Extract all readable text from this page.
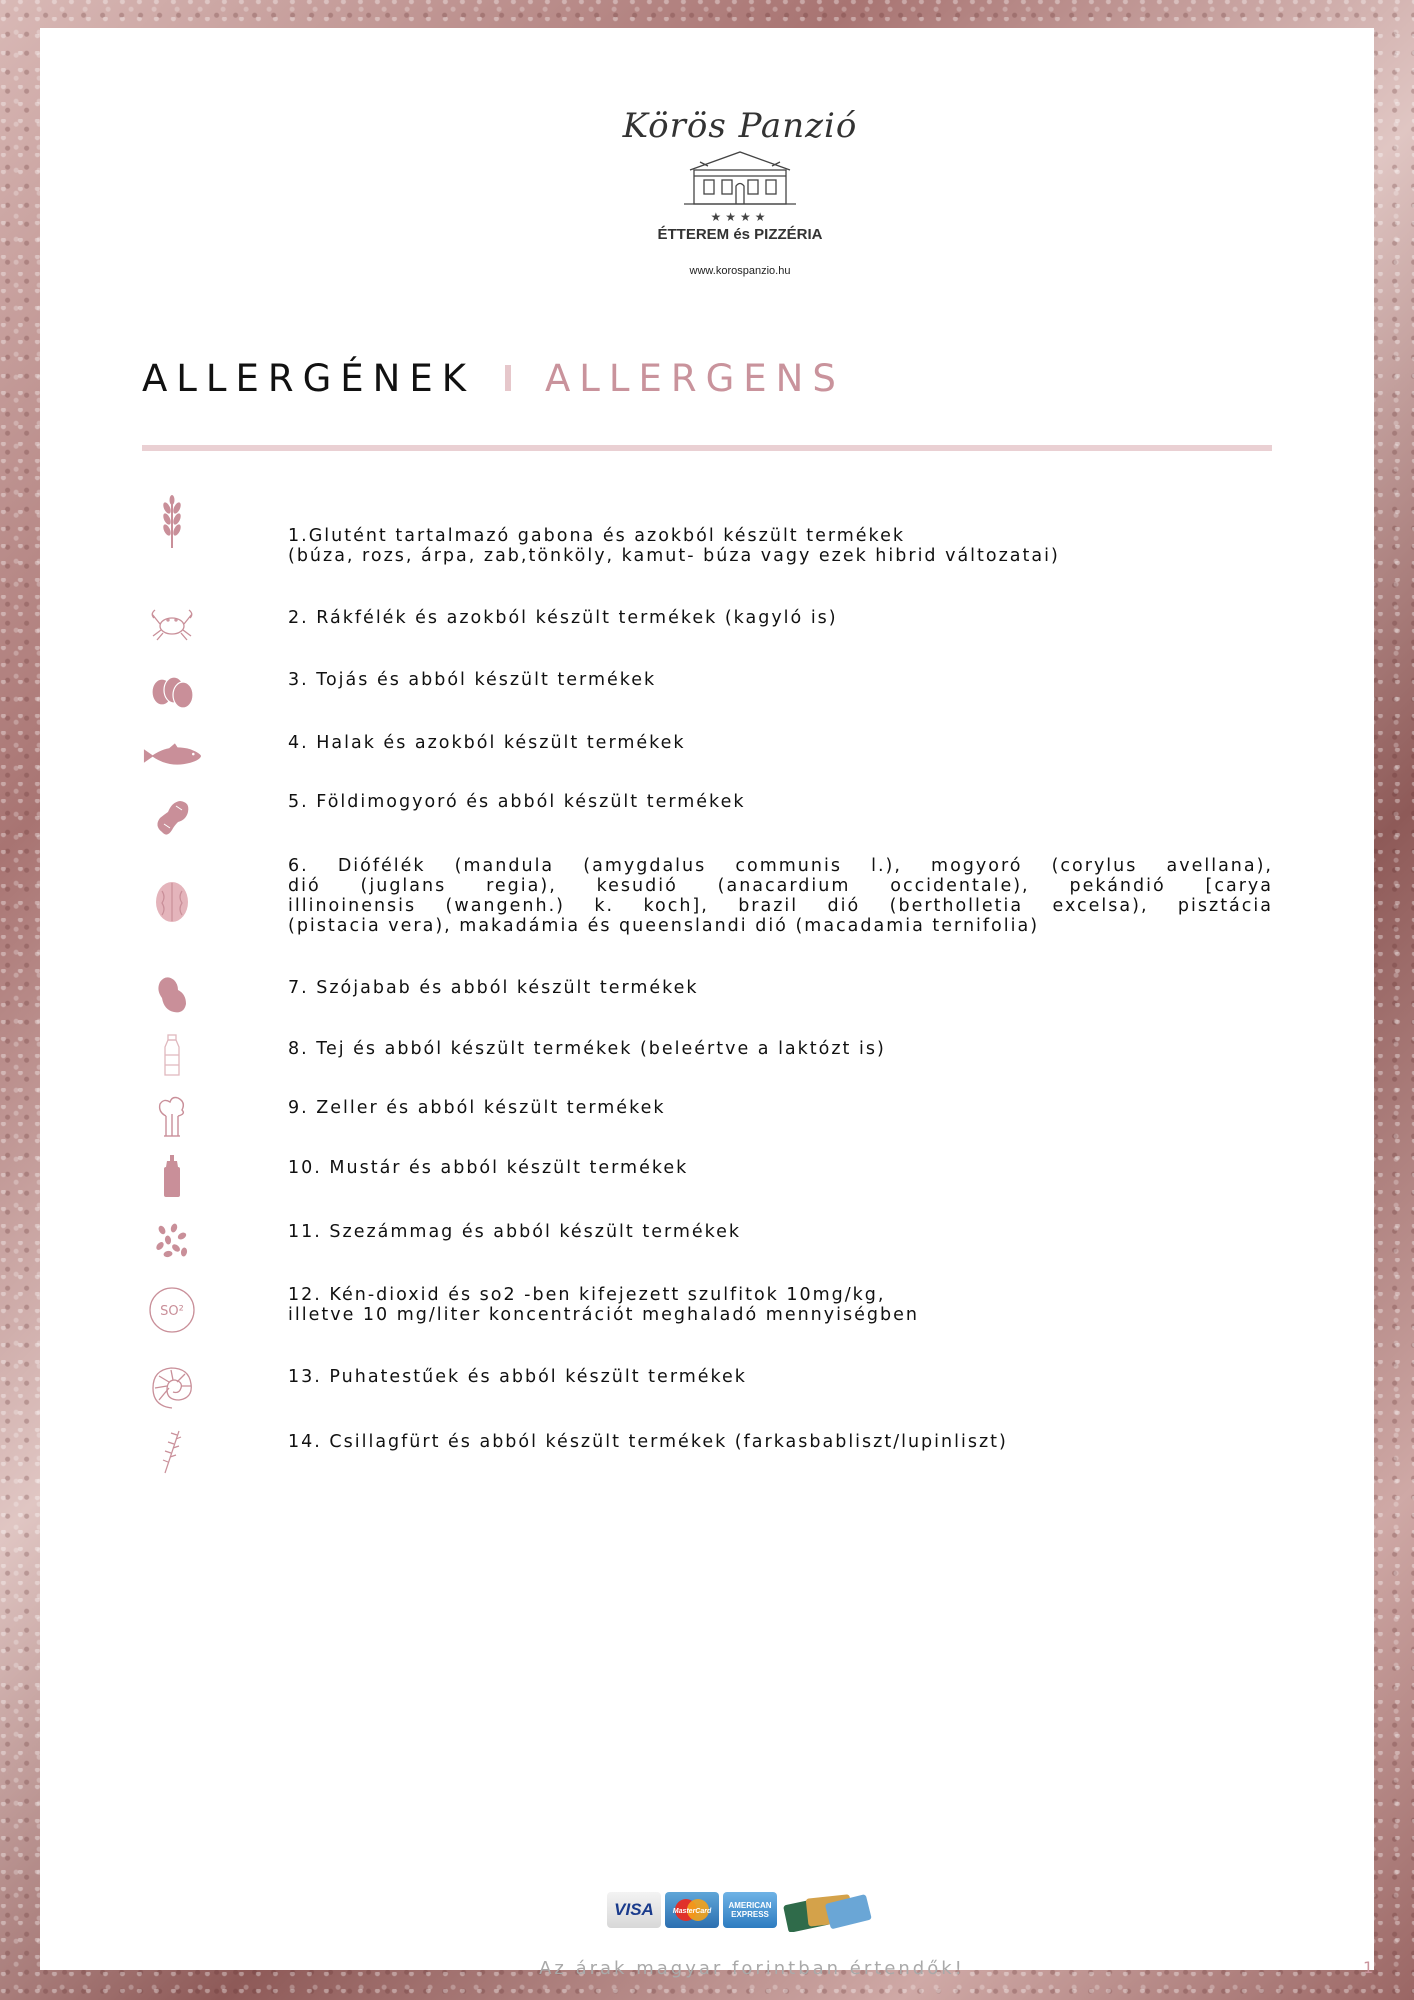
Körös Panzió
★★★★
ÉTTEREM és PIZZÉRIA
www.korospanzio.hu
ALLERGÉNEK ALLERGENS
1.Glutént tartalmazó gabona és azokból készült termékek
(búza, rozs, árpa, zab,tönköly, kamut- búza vagy ezek hibrid változatai)
2. Rákfélék és azokból készült termékek (kagyló is)
3. Tojás és abból készült termékek
4. Halak és azokból készült termékek
5. Földimogyoró és abból készült termékek
6. Diófélék (mandula (amygdalus communis l.), mogyoró (corylus avellana),
dió (juglans regia), kesudió (anacardium occidentale), pekándió [carya
illinoinensis (wangenh.) k. koch], brazil dió (bertholletia excelsa), pisztácia
(pistacia vera), makadámia és queenslandi dió (macadamia ternifolia)
7. Szójabab és abból készült termékek
8. Tej és abból készült termékek (beleértve a laktózt is)
9. Zeller és abból készült termékek
10. Mustár és abból készült termékek
11. Szezámmag és abból készült termékek
SO²
12. Kén-dioxid és so2 -ben kifejezett szulfitok 10mg/kg,
illetve 10 mg/liter koncentrációt meghaladó mennyiségben
13. Puhatestűek és abból készült termékek
14. Csillagfürt és abból készült termékek (farkasbabliszt/lupinliszt)
VISA	MasterCard
AMERICAN EXPRESS
Az árak magyar forintban értendők!	1
